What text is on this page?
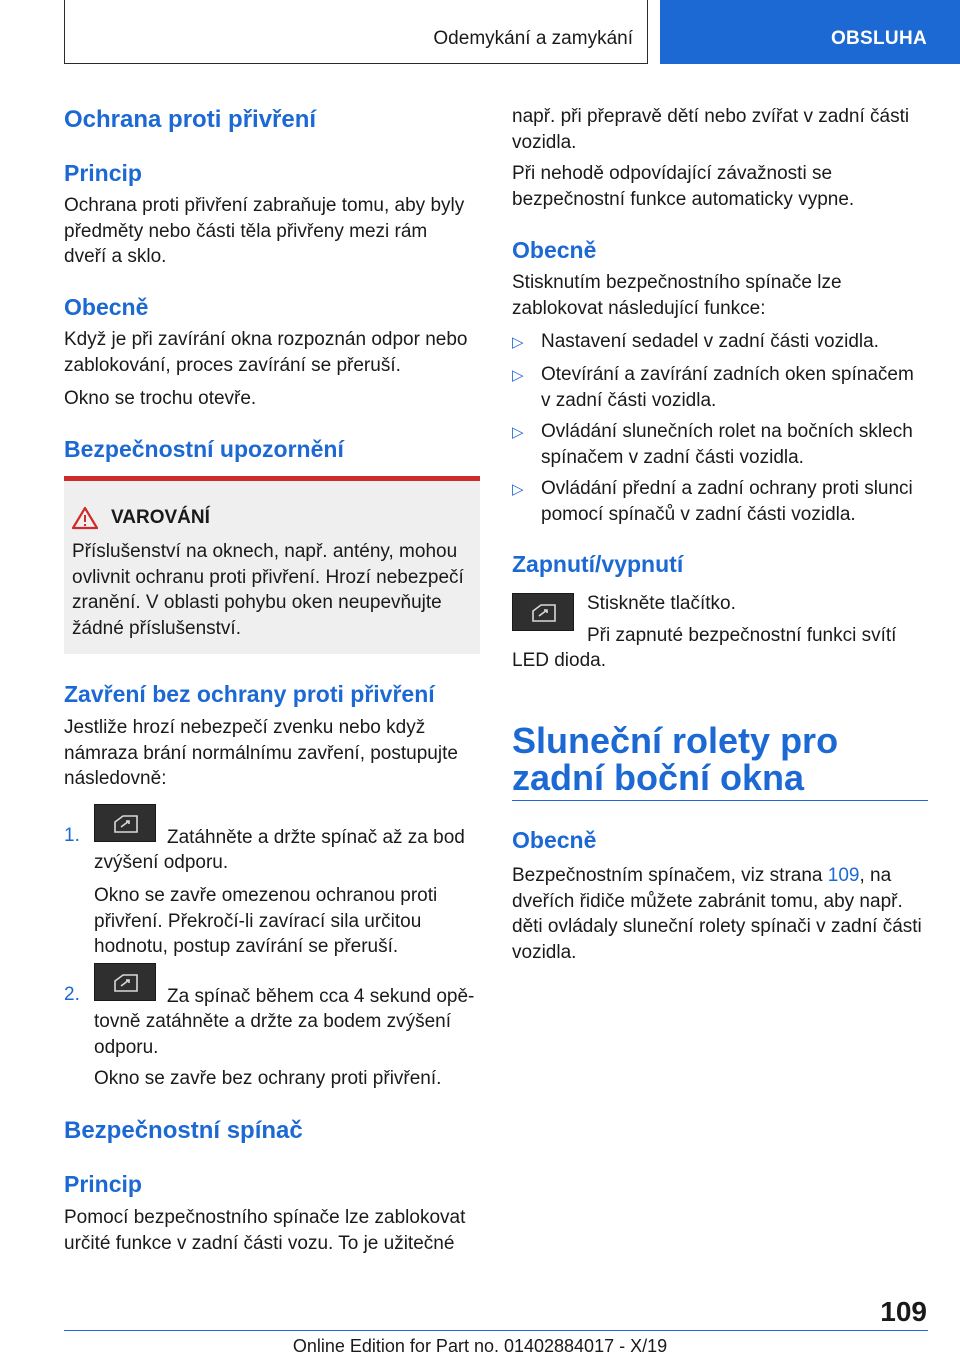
Odemykání a zamykání	OBSLUHA
Ochrana proti přivření
Princip

Ochrana proti přivření zabraňuje tomu, aby byly předměty nebo části těla přivřeny mezi rám dveří a sklo.

Obecně

Když je při zavírání okna rozpoznán odpor nebo zablokování, proces zavírání se přeruší.

Okno se trochu otevře.

Bezpečnostní upozornění
VAROVÁNÍ
Příslušenství na oknech, např. antény, mohou ovlivnit ochranu proti přivření. Hrozí nebezpečí zranění. V oblasti pohybu oken neupevňujte žádné příslušenství.
Zavření bez ochrany proti přivření

Jestliže hrozí nebezpečí zvenku nebo když námraza brání normálnímu zavření, postupujte následovně:

1.	Zatáhněte a držte spínač až za bod

zvýšení odporu.

Okno se zavře omezenou ochranou proti přivření. Překročí-li zavírací sila určitou hodnotu, postup zavírání se přeruší.

2.	Za spínač během cca 4 sekund opě-

tovně zatáhněte a držte za bodem zvýšení odporu.

Okno se zavře bez ochrany proti přivření.

Bezpečnostní spínač
Princip

Pomocí bezpečnostního spínače lze zablokovat určité funkce v zadní části vozu. To je užitečné

např. při přepravě dětí nebo zvířat v zadní části vozidla.

Při nehodě odpovídající závažnosti se bezpečnostní funkce automaticky vypne.

Obecně

Stisknutím bezpečnostního spínače lze zablokovat následující funkce:

▷ Nastavení sedadel v zadní části vozidla.

▷ Otevírání a zavírání zadních oken spínačem v zadní části vozidla.

▷ Ovládání slunečních rolet na bočních sklech spínačem v zadní části vozidla.

▷ Ovládání přední a zadní ochrany proti slunci pomocí spínačů v zadní části vozidla.

Zapnutí/vypnutí
Stiskněte tlačítko.
Při zapnuté bezpečnostní funkci svítí
LED dioda.
Sluneční rolety pro zadní boční okna
Obecně

Bezpečnostním spínačem, viz strana 109, na dveřích řidiče můžete zabránit tomu, aby např. děti ovládaly sluneční rolety spínači v zadní části vozidla.

109
Online Edition for Part no. 01402884017 - X/19
